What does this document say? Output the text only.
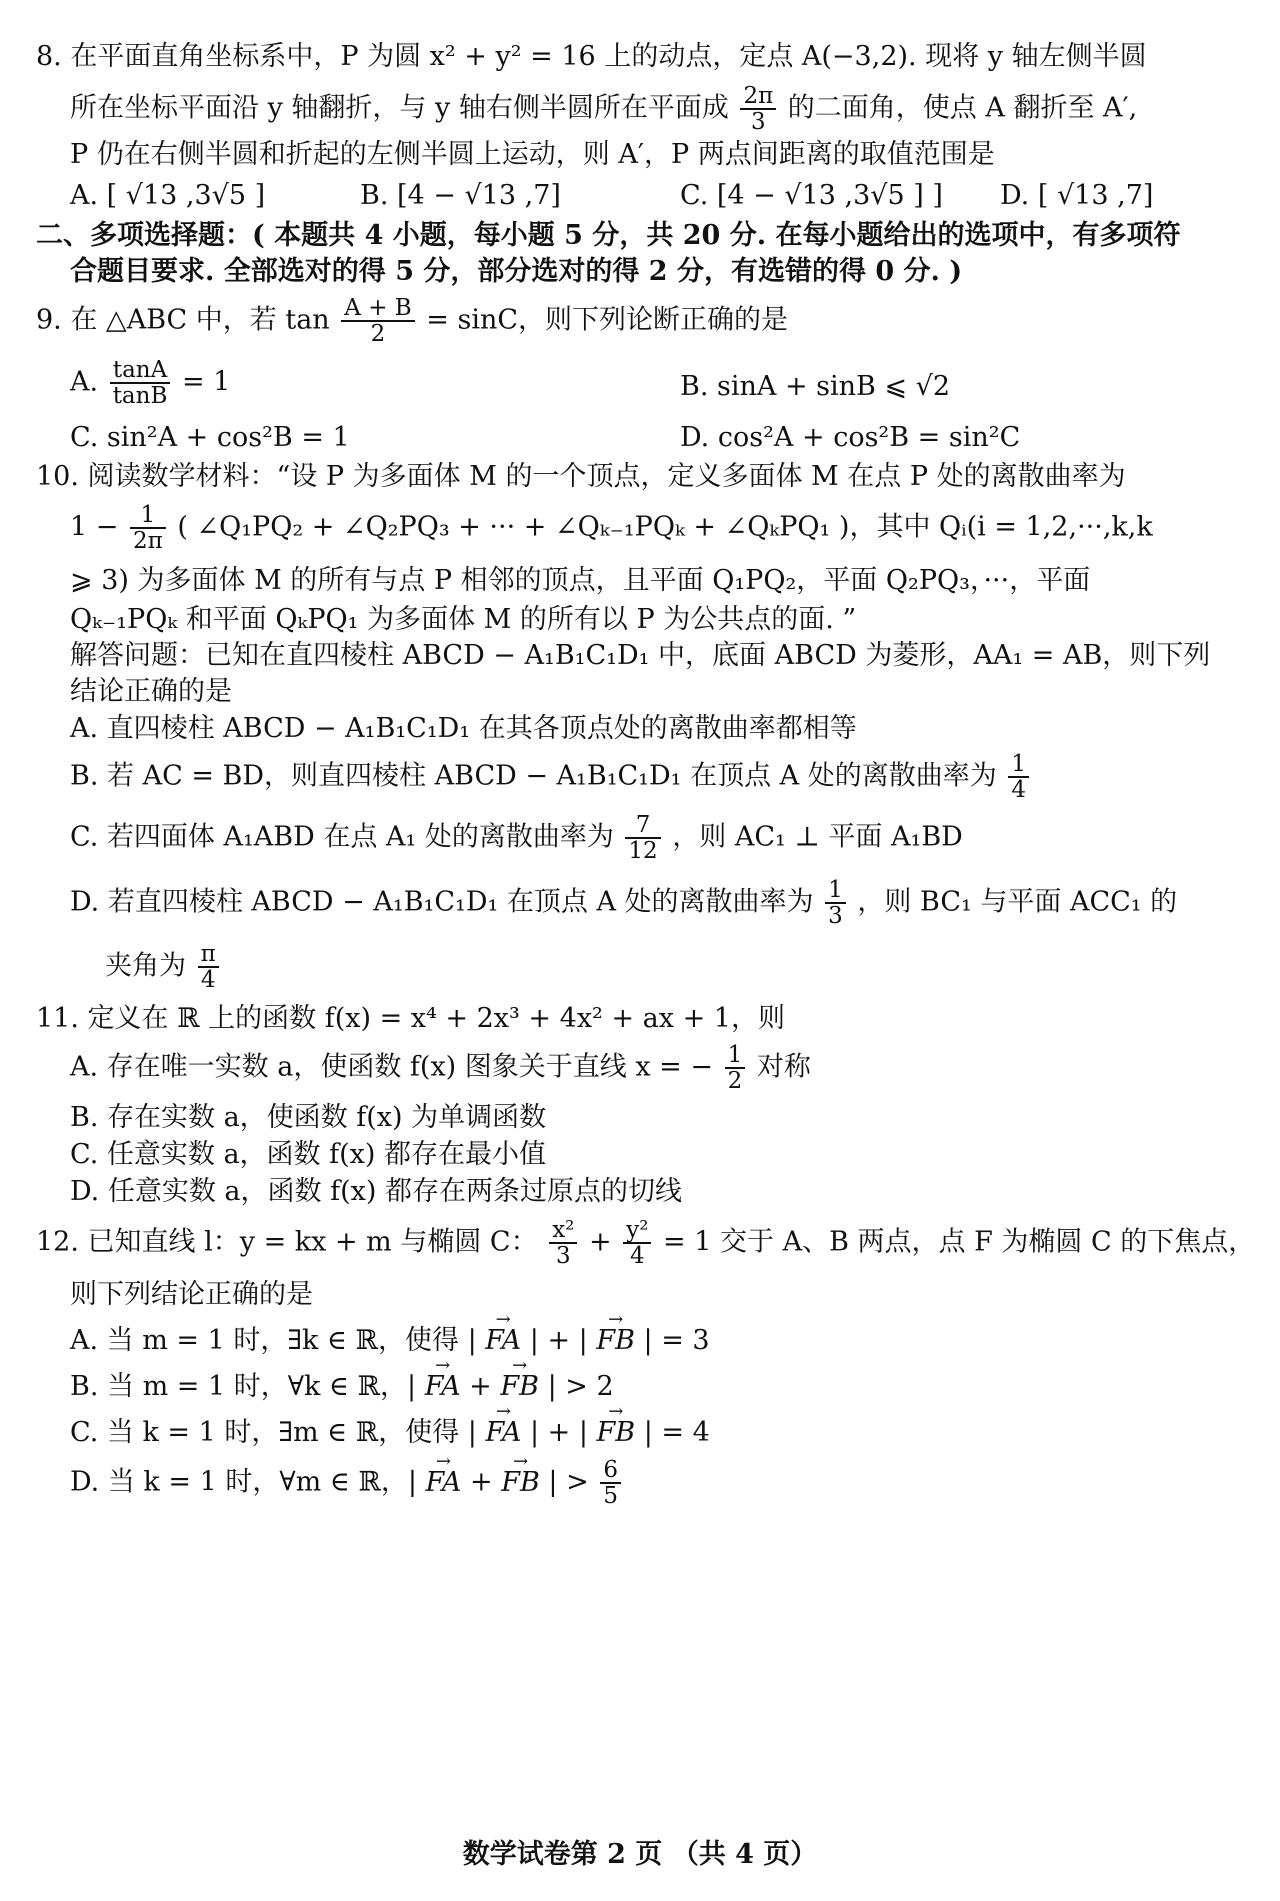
8. 在平面直角坐标系中，P 为圆 x² + y² = 16 上的动点，定点 A(−3,2). 现将 y 轴左侧半圆
所在坐标平面沿 y 轴翻折，与 y 轴右侧半圆所在平面成 $\frac{2\pi}{3}$ 的二面角，使点 A 翻折至 A′,
P 仍在右侧半圆和折起的左侧半圆上运动，则 A′，P 两点间距离的取值范围是
A. [ √13 ,3√5 ]	B. [4 − √13 ,7]	C. [4 − √13 ,3√5 ] ] D. [ √13 ,7]
二、多项选择题：( 本题共 4 小题，每小题 5 分，共 20 分. 在每小题给出的选项中，有多项符
合题目要求. 全部选对的得 5 分，部分选对的得 2 分，有选错的得 0 分. )
9. 在 △ABC 中，若 $\tan \frac{A + B}{2} = \sin C$，则下列论断正确的是
A. $\frac{\tan A}{\tan B} = 1$	B. sinA + sinB ⩽ √2
C. sin²A + cos²B = 1	D. cos²A + cos²B = sin²C
10. 阅读数学材料：“设 P 为多面体 M 的一个顶点，定义多面体 M 在点 P 处的离散曲率为
$1 - \frac{1}{2\pi}$ ( ∠Q₁PQ₂ + ∠Q₂PQ₃ + ··· + ∠Qₖ₋₁PQₖ + ∠QₖPQ₁ )，其中 Qᵢ(i = 1,2,···,k,k
⩾ 3) 为多面体 M 的所有与点 P 相邻的顶点，且平面 Q₁PQ₂，平面 Q₂PQ₃，···，平面
Qₖ₋₁PQₖ 和平面 QₖPQ₁ 为多面体 M 的所有以 P 为公共点的面. ”
解答问题：已知在直四棱柱 ABCD − A₁B₁C₁D₁ 中，底面 ABCD 为菱形，AA₁ = AB，则下列
结论正确的是
A. 直四棱柱 ABCD − A₁B₁C₁D₁ 在其各顶点处的离散曲率都相等
B. 若 AC = BD，则直四棱柱 ABCD − A₁B₁C₁D₁ 在顶点 A 处的离散曲率为 $\frac{1}{4}$
C. 若四面体 A₁ABD 在点 A₁ 处的离散曲率为 $\frac{7}{12}$ ，则 AC₁ ⊥ 平面 A₁BD
D. 若直四棱柱 ABCD − A₁B₁C₁D₁ 在顶点 A 处的离散曲率为 $\frac{1}{3}$ ，则 BC₁ 与平面 ACC₁ 的
夹角为 $\frac{\pi}{4}$
11. 定义在 ℝ 上的函数 f(x) = x⁴ + 2x³ + 4x² + ax + 1，则
A. 存在唯一实数 a，使函数 f(x) 图象关于直线 x = − $\frac{1}{2}$ 对称
B. 存在实数 a，使函数 f(x) 为单调函数
C. 任意实数 a，函数 f(x) 都存在最小值
D. 任意实数 a，函数 f(x) 都存在两条过原点的切线
12. 已知直线 l：y = kx + m 与椭圆 C： $\frac{\text{x²}}{3} + \frac{\text{y²}}{4} = 1$ 交于 A、B 两点，点 F 为椭圆 C 的下焦点，
则下列结论正确的是
A. 当 m = 1 时，∃k ∈ ℝ，使得 | → FA | + | → FB | = 3
B. 当 m = 1 时，∀k ∈ ℝ，| → FA + → FB | > 2
C. 当 k = 1 时，∃m ∈ ℝ，使得 | → FA | + | → FB | = 4
D. 当 k = 1 时，∀m ∈ ℝ，| → FA + → FB | > $\frac{6}{5}$
数学试卷第 2 页 （共 4 页）
